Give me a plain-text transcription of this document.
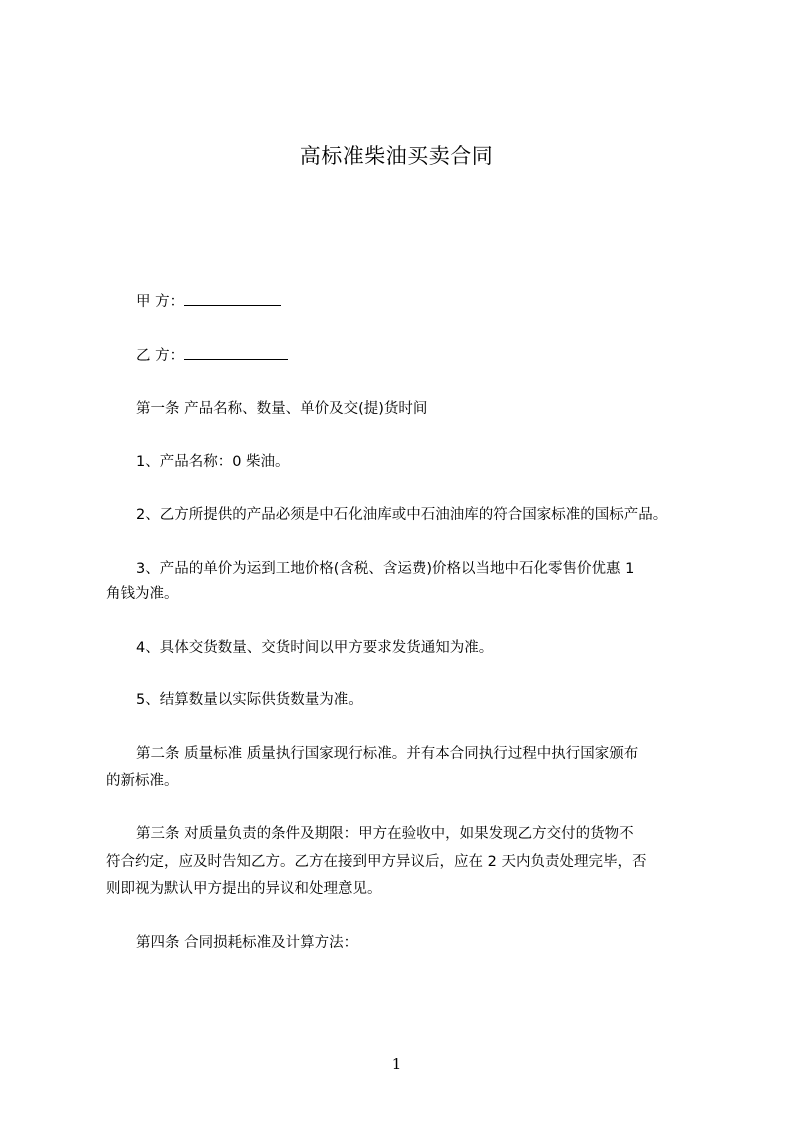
高标准柴油买卖合同
甲 方：
乙 方：
第一条 产品名称、数量、单价及交(提)货时间
1、产品名称：0 柴油。
2、乙方所提供的产品必须是中石化油库或中石油油库的符合国家标准的国标产品。
3、产品的单价为运到工地价格(含税、含运费)价格以当地中石化零售价优惠 1
角钱为准。
4、具体交货数量、交货时间以甲方要求发货通知为准。
5、结算数量以实际供货数量为准。
第二条 质量标准 质量执行国家现行标准。并有本合同执行过程中执行国家颁布
的新标准。
第三条 对质量负责的条件及期限：甲方在验收中，如果发现乙方交付的货物不
符合约定，应及时告知乙方。乙方在接到甲方异议后，应在 2 天内负责处理完毕，否
则即视为默认甲方提出的异议和处理意见。
第四条 合同损耗标准及计算方法：
1
